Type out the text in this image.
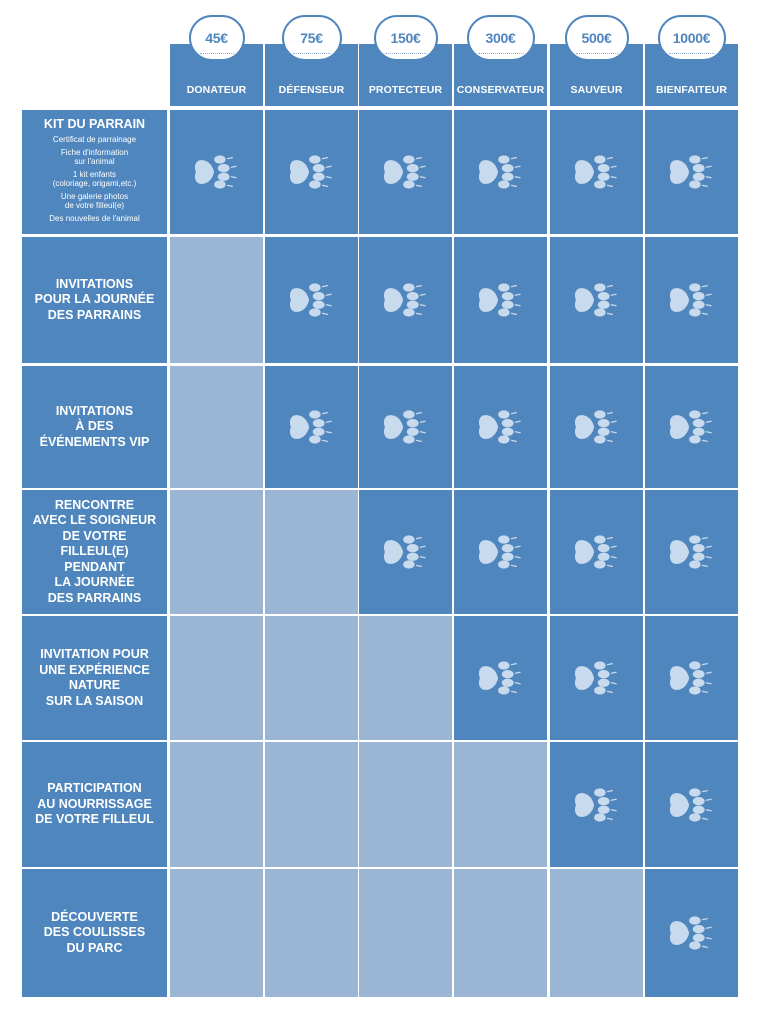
DONATEUR
45€
DÉFENSEUR
75€
PROTECTEUR
150€
CONSERVATEUR
300€
SAUVEUR
500€
BIENFAITEUR
1000€
KIT DU PARRAIN
Certificat de parrainage
Fiche d'information
sur l'animal
1 kit enfants
(coloriage, origami,etc.)
Une galerie photos
de votre filleul(e)
Des nouvelles de l'animal
INVITATIONS
POUR LA JOURNÉE
DES PARRAINS
INVITATIONS
À DES
ÉVÉNEMENTS VIP
RENCONTRE
AVEC LE SOIGNEUR
DE VOTRE
FILLEUL(E)
PENDANT
LA JOURNÉE
DES PARRAINS
INVITATION POUR
UNE EXPÉRIENCE
NATURE
SUR LA SAISON
PARTICIPATION
AU NOURRISSAGE
DE VOTRE FILLEUL
DÉCOUVERTE
DES COULISSES
DU PARC
